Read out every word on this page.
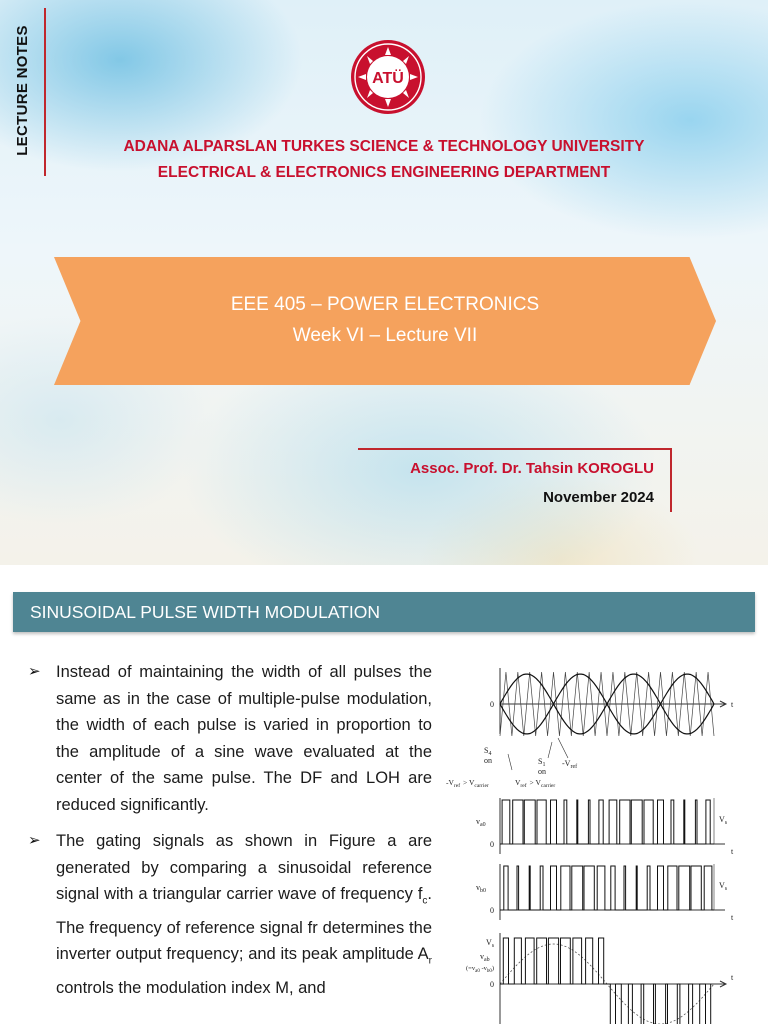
LECTURE NOTES	ATÜ
ADANA ALPARSLAN TURKES SCIENCE & TECHNOLOGY UNIVERSITY
ELECTRICAL & ELECTRONICS ENGINEERING DEPARTMENT
EEE 405 – POWER ELECTRONICS
Week VI – Lecture VII
Assoc. Prof. Dr. Tahsin KOROGLU
November 2024
SINUSOIDAL PULSE WIDTH MODULATION
➢ Instead of maintaining the width of all pulses the same as in the case of multiple-pulse modulation, the width of each pulse is varied in proportion to the amplitude of a sine wave evaluated at the center of the same pulse. The DF and LOH are reduced significantly.
➢ The gating signals as shown in Figure a are generated by comparing a sinusoidal reference signal with a triangular carrier wave of frequency $f_c$. The frequency of reference signal fr determines the inverter output frequency; and its peak amplitude $A_r$ controls the modulation index M, and
0	t
$S_4$
on	$S_1$
on
$-V_{ref}$
$-V_{ref} > V_{carrier}$	$V_{ref} > V_{carrier}$
$v_{a0}$
0
$V_s$
t
$v_{b0}$
0
$V_s$
t
$V_s$
$v_{ab}$
($=v_{a0}$ $-v_{b0}$)
0
t
